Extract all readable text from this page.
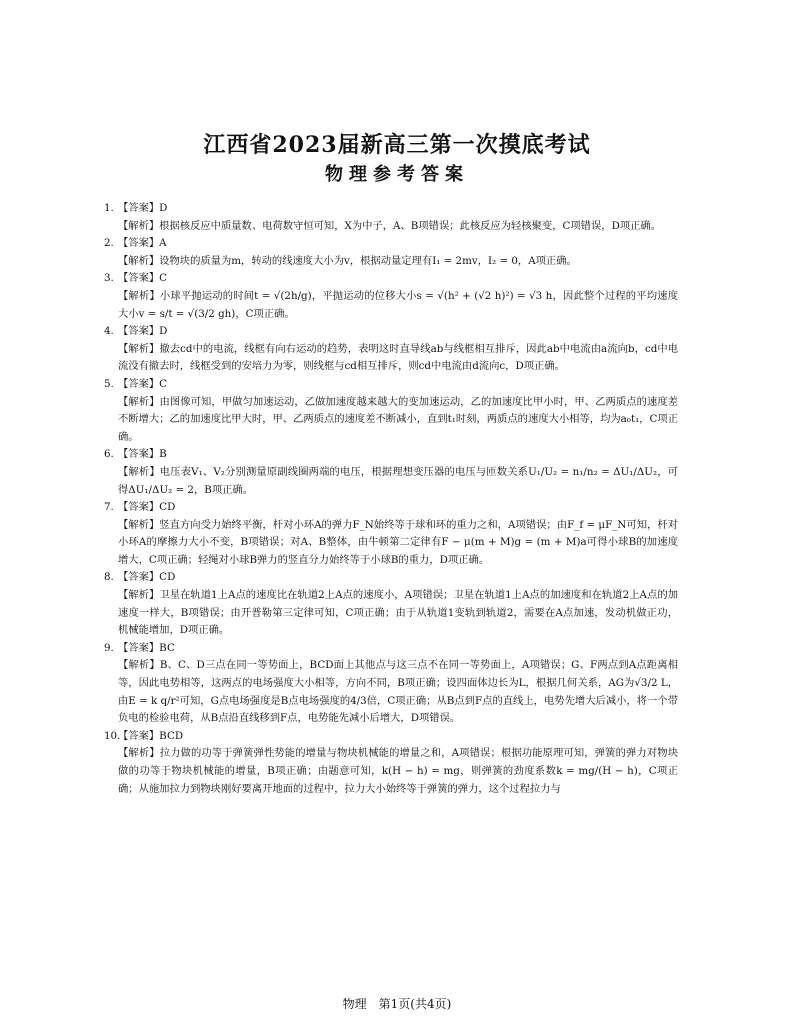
江西省2023届新高三第一次摸底考试
物理参考答案
1. 【答案】D
【解析】根据核反应中质量数、电荷数守恒可知，X为中子，A、B项错误；此核反应为轻核聚变，C项错误，D项正确。
2. 【答案】A
【解析】设物块的质量为m，转动的线速度大小为v，根据动量定理有I₁ = 2mv，I₂ = 0，A项正确。
3. 【答案】C
【解析】小球平抛运动的时间t = √(2h/g)，平抛运动的位移大小s = √(h² + (√2 h)²) = √3 h，因此整个过程的平均速度大小v = s/t = √(3/2 gh)，C项正确。
4. 【答案】D
【解析】撤去cd中的电流，线框有向右运动的趋势，表明这时直导线ab与线框相互排斥，因此ab中电流由a流向b，cd中电流没有撤去时，线框受到的安培力为零，则线框与cd相互排斥，则cd中电流由d流向c，D项正确。
5. 【答案】C
【解析】由图像可知，甲做匀加速运动，乙做加速度越来越大的变加速运动，乙的加速度比甲小时，甲、乙两质点的速度差不断增大；乙的加速度比甲大时，甲、乙两质点的速度差不断减小，直到t₁时刻，两质点的速度大小相等，均为a₀t₁，C项正确。
6. 【答案】B
【解析】电压表V₁、V₂分别测量原副线圈两端的电压，根据理想变压器的电压与匝数关系U₁/U₂ = n₁/n₂ = ΔU₁/ΔU₂，可得ΔU₁/ΔU₂ = 2，B项正确。
7. 【答案】CD
【解析】竖直方向受力始终平衡，杆对小环A的弹力F_N始终等于球和环的重力之和，A项错误；由F_f = μF_N可知，杆对小环A的摩擦力大小不变，B项错误；对A、B整体，由牛顿第二定律有F − μ(m + M)g = (m + M)a可得小球B的加速度增大，C项正确；轻绳对小球B弹力的竖直分力始终等于小球B的重力，D项正确。
8. 【答案】CD
【解析】卫星在轨道1上A点的速度比在轨道2上A点的速度小，A项错误；卫星在轨道1上A点的加速度和在轨道2上A点的加速度一样大，B项错误；由开普勒第三定律可知，C项正确；由于从轨道1变轨到轨道2，需要在A点加速，发动机做正功，机械能增加，D项正确。
9. 【答案】BC
【解析】B、C、D三点在同一等势面上，BCD面上其他点与这三点不在同一等势面上，A项错误；G、F两点到A点距离相等，因此电势相等，这两点的电场强度大小相等，方向不同，B项正确；设四面体边长为L，根据几何关系，AG为√3/2 L，由E = k q/r²可知，G点电场强度是B点电场强度的4/3倍，C项正确；从B点到F点的直线上，电势先增大后减小，将一个带负电的检验电荷，从B点沿直线移到F点，电势能先减小后增大，D项错误。
10.【答案】BCD
【解析】拉力做的功等于弹簧弹性势能的增量与物块机械能的增量之和，A项错误；根据功能原理可知，弹簧的弹力对物块做的功等于物块机械能的增量，B项正确；由题意可知，k(H − h) = mg，则弹簧的劲度系数k = mg/(H − h)，C项正确；从施加拉力到物块刚好要离开地面的过程中，拉力大小始终等于弹簧的弹力，这个过程拉力与
物理　第1页(共4页)
